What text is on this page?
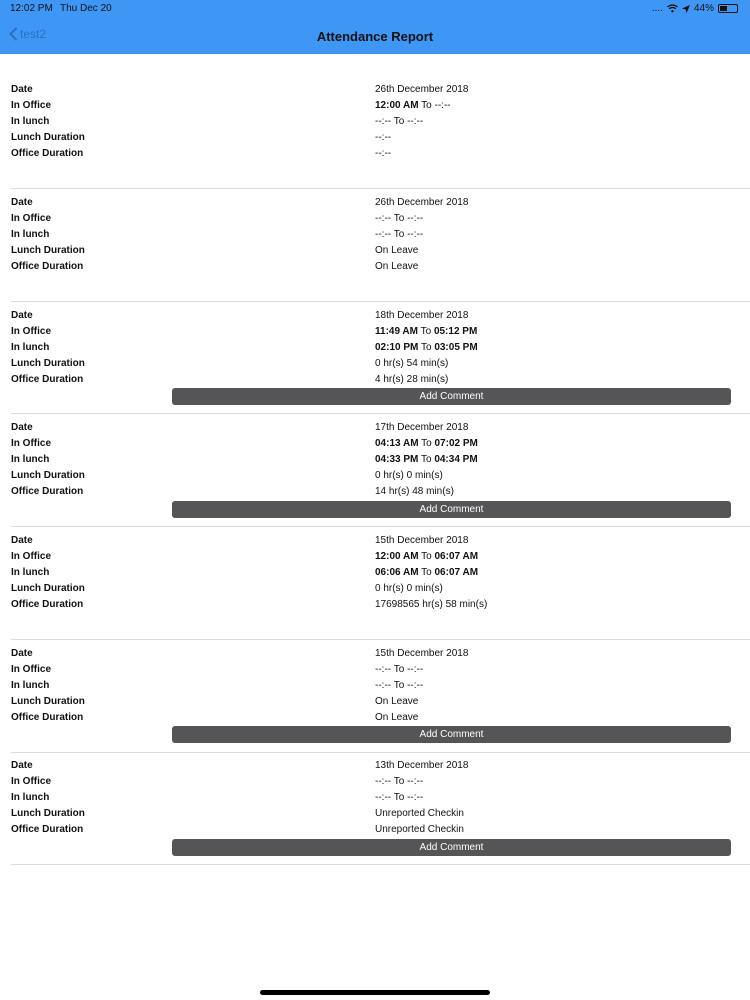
12:02 PM Thu Dec 20	....	44%
test2	Attendance Report
Date	26th December 2018
In Office	12:00 AM To --:--
In lunch	--:-- To --:--
Lunch Duration	--:--
Office Duration	--:--
Date	26th December 2018
In Office	--:-- To --:--
In lunch	--:-- To --:--
Lunch Duration	On Leave
Office Duration	On Leave
Date	18th December 2018
In Office	11:49 AM To 05:12 PM
In lunch	02:10 PM To 03:05 PM
Lunch Duration	0 hr(s) 54 min(s)
Office Duration	4 hr(s) 28 min(s)
Add Comment
Date	17th December 2018
In Office	04:13 AM To 07:02 PM
In lunch	04:33 PM To 04:34 PM
Lunch Duration	0 hr(s) 0 min(s)
Office Duration	14 hr(s) 48 min(s)
Add Comment
Date	15th December 2018
In Office	12:00 AM To 06:07 AM
In lunch	06:06 AM To 06:07 AM
Lunch Duration	0 hr(s) 0 min(s)
Office Duration	17698565 hr(s) 58 min(s)
Date	15th December 2018
In Office	--:-- To --:--
In lunch	--:-- To --:--
Lunch Duration	On Leave
Office Duration	On Leave
Add Comment
Date	13th December 2018
In Office	--:-- To --:--
In lunch	--:-- To --:--
Lunch Duration	Unreported Checkin
Office Duration	Unreported Checkin
Add Comment
